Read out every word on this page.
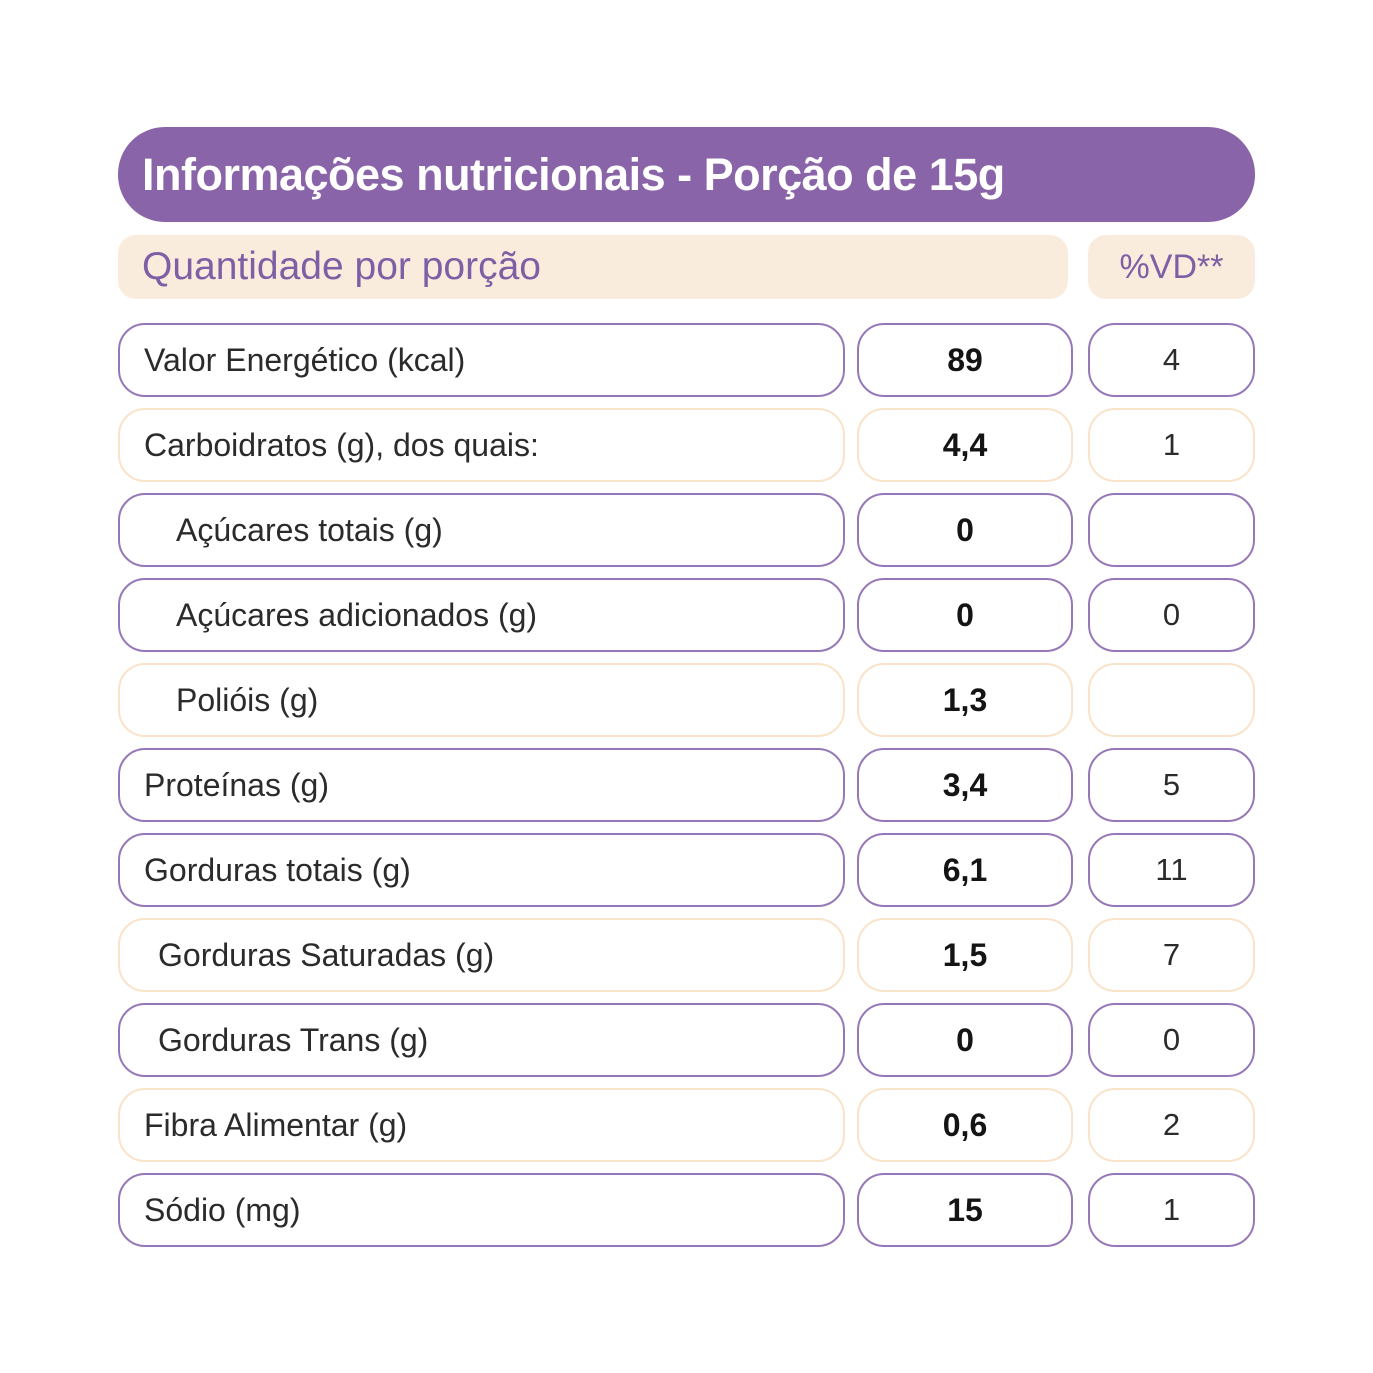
Informações nutricionais - Porção de 15g
Quantidade por porção	%VD**
Valor Energético (kcal)	89	4
Carboidratos (g), dos quais:	4,4	1
Açúcares totais (g)	0
Açúcares adicionados (g)	0	0
Polióis (g)	1,3
Proteínas (g)	3,4	5
Gorduras totais (g)	6,1	11
Gorduras Saturadas (g)	1,5	7
Gorduras Trans (g)	0	0
Fibra Alimentar (g)	0,6	2
Sódio (mg)	15	1
